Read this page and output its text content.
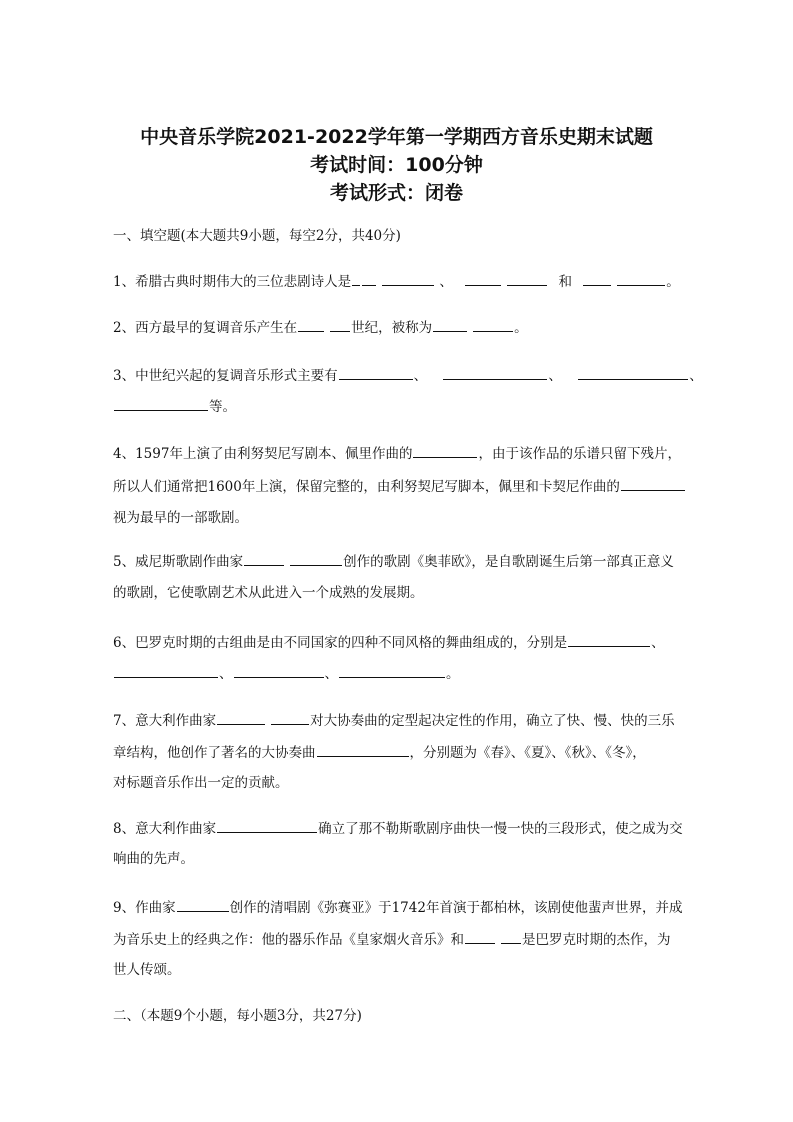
中央音乐学院2021-2022学年第一学期西方音乐史期末试题
考试时间：100分钟
考试形式：闭卷
一、填空题(本大题共9小题，每空2分，共40分)
1、希腊古典时期伟大的三位悲剧诗人是	、	和	。
2、西方最早的复调音乐产生在	世纪，被称为	。
3、中世纪兴起的复调音乐形式主要有	、	、	、
等。
4、1597年上演了由利努契尼写剧本、佩里作曲的	，由于该作品的乐谱只留下残片，
所以人们通常把1600年上演，保留完整的，由利努契尼写脚本，佩里和卡契尼作曲的
视为最早的一部歌剧。
5、威尼斯歌剧作曲家	创作的歌剧《奥菲欧》，是自歌剧诞生后第一部真正意义
的歌剧，它使歌剧艺术从此进入一个成熟的发展期。
6、巴罗克时期的古组曲是由不同国家的四种不同风格的舞曲组成的，分别是	、
、	、	。
7、意大利作曲家	对大协奏曲的定型起决定性的作用，确立了快、慢、快的三乐
章结构，他创作了著名的大协奏曲	，分别题为《春》、《夏》、《秋》、《冬》，
对标题音乐作出一定的贡献。
8、意大利作曲家	确立了那不勒斯歌剧序曲快一慢一快的三段形式，使之成为交
响曲的先声。
9、作曲家	创作的清唱剧《弥赛亚》于1742年首演于都柏林，该剧使他蜚声世界，并成
为音乐史上的经典之作：他的器乐作品《皇家烟火音乐》和	是巴罗克时期的杰作，为
世人传颂。
二、（本题9个小题，每小题3分，共27分)
